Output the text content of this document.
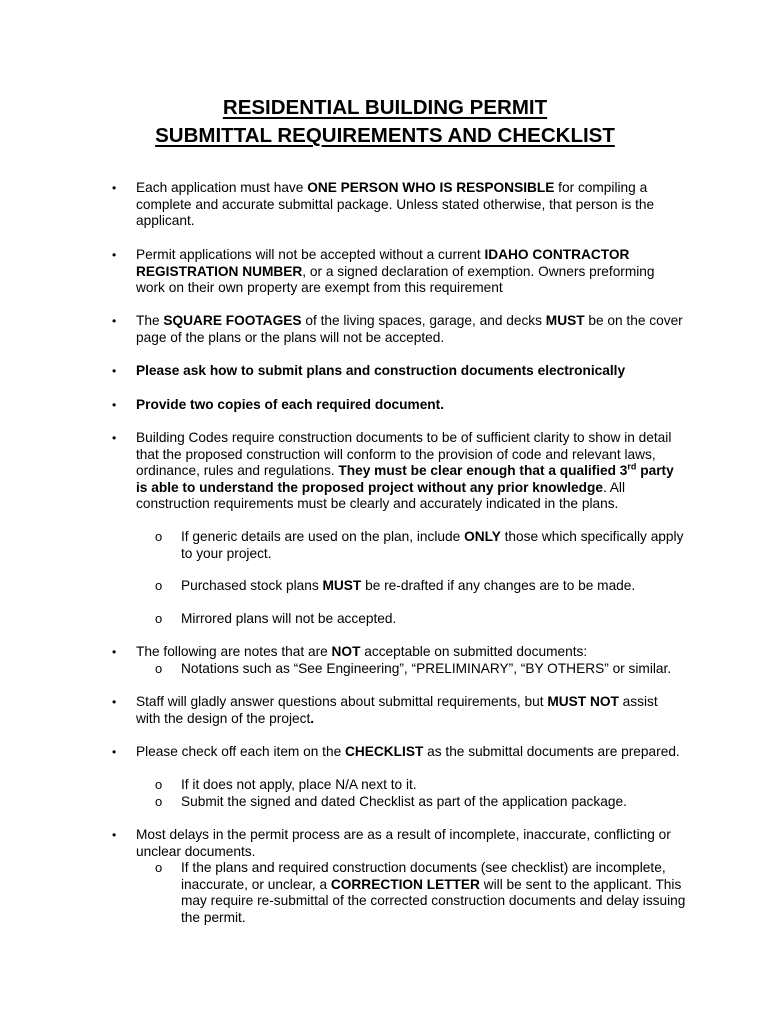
RESIDENTIAL BUILDING PERMIT
SUBMITTAL REQUIREMENTS AND CHECKLIST
•	Each application must have ONE PERSON WHO IS RESPONSIBLE for compiling a complete and accurate submittal package. Unless stated otherwise, that person is the applicant.
•	Permit applications will not be accepted without a current IDAHO CONTRACTOR REGISTRATION NUMBER, or a signed declaration of exemption. Owners preforming work on their own property are exempt from this requirement
•	The SQUARE FOOTAGES of the living spaces, garage, and decks MUST be on the cover page of the plans or the plans will not be accepted.
•	Please ask how to submit plans and construction documents electronically
•	Provide two copies of each required document.
•	Building Codes require construction documents to be of sufficient clarity to show in detail that the proposed construction will conform to the provision of code and relevant laws, ordinance, rules and regulations. They must be clear enough that a qualified 3rd party is able to understand the proposed project without any prior knowledge. All construction requirements must be clearly and accurately indicated in the plans.
o If generic details are used on the plan, include ONLY those which specifically apply to your project.
o Purchased stock plans MUST be re-drafted if any changes are to be made.
o Mirrored plans will not be accepted.
•	The following are notes that are NOT acceptable on submitted documents:
o Notations such as “See Engineering”, “PRELIMINARY”, “BY OTHERS” or similar.
•	Staff will gladly answer questions about submittal requirements, but MUST NOT assist with the design of the project.
•	Please check off each item on the CHECKLIST as the submittal documents are prepared.
o If it does not apply, place N/A next to it.
o Submit the signed and dated Checklist as part of the application package.
•	Most delays in the permit process are as a result of incomplete, inaccurate, conflicting or unclear documents.
o If the plans and required construction documents (see checklist) are incomplete, inaccurate, or unclear, a CORRECTION LETTER will be sent to the applicant. This may require re-submittal of the corrected construction documents and delay issuing the permit.
